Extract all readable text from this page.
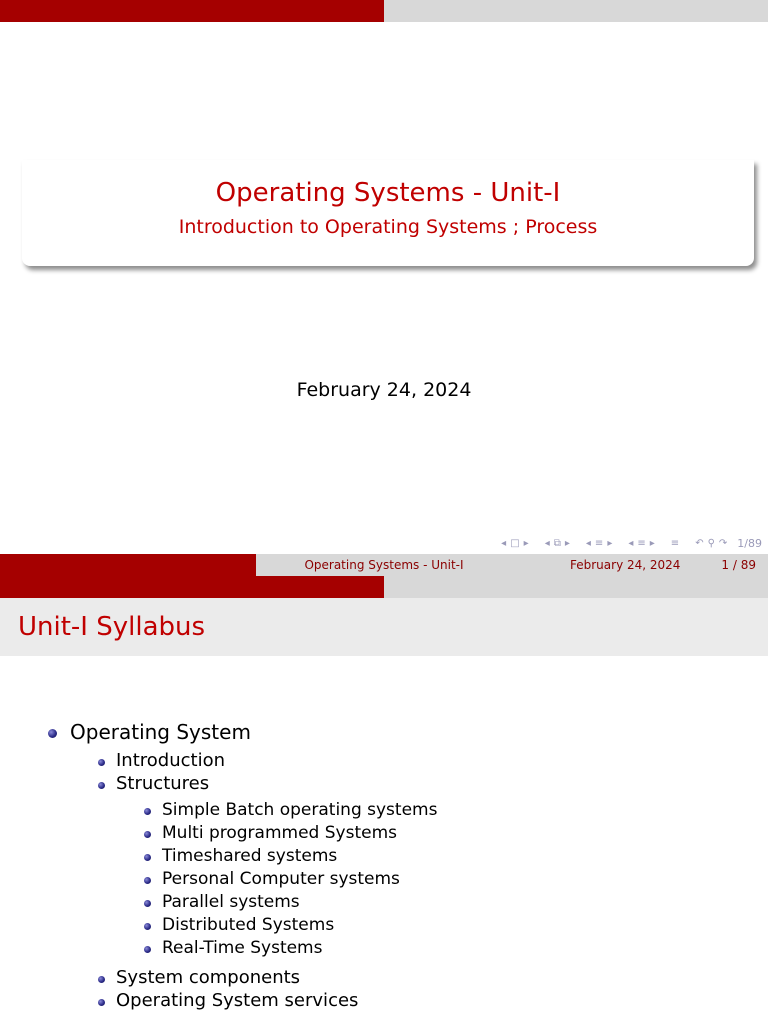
Operating Systems - Unit-I
Introduction to Operating Systems ; Process
February 24, 2024
◂ □ ▸ ◂ ⧉ ▸ ◂ ≡ ▸ ◂ ≡ ▸ ≡ ↶ ⚲ ↷ 1/89
Operating Systems - Unit-I	February 24, 2024	1 / 89
Unit-I Syllabus
Operating System
Introduction
Structures
Simple Batch operating systems
Multi programmed Systems
Timeshared systems
Personal Computer systems
Parallel systems
Distributed Systems
Real-Time Systems
System components
Operating System services
